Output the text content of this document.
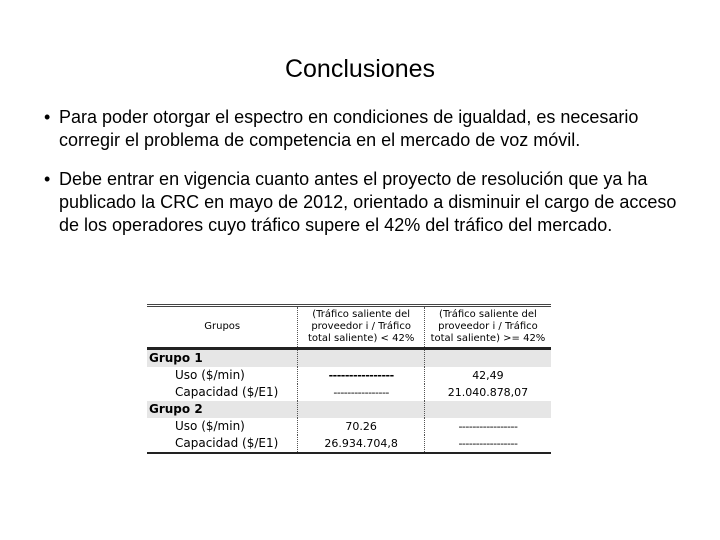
Conclusiones
• Para poder otorgar el espectro en condiciones de igualdad, es necesario corregir el problema de competencia en el mercado de voz móvil.
• Debe entrar en vigencia cuanto antes el proyecto de resolución que ya ha publicado la CRC en mayo de 2012, orientado a disminuir el cargo de acceso de los operadores cuyo tráfico supere el 42% del tráfico del mercado.
Grupos	(Tráfico saliente del proveedor i / Tráfico total saliente) < 42%	(Tráfico saliente del proveedor i / Tráfico total saliente) >= 42%
Grupo 1		
Uso ($/min)	----------------	42,49
Capacidad ($/E1)	----------------	21.040.878,07
Grupo 2		
Uso ($/min)	70.26	-----------------
Capacidad ($/E1)	26.934.704,8	-----------------
